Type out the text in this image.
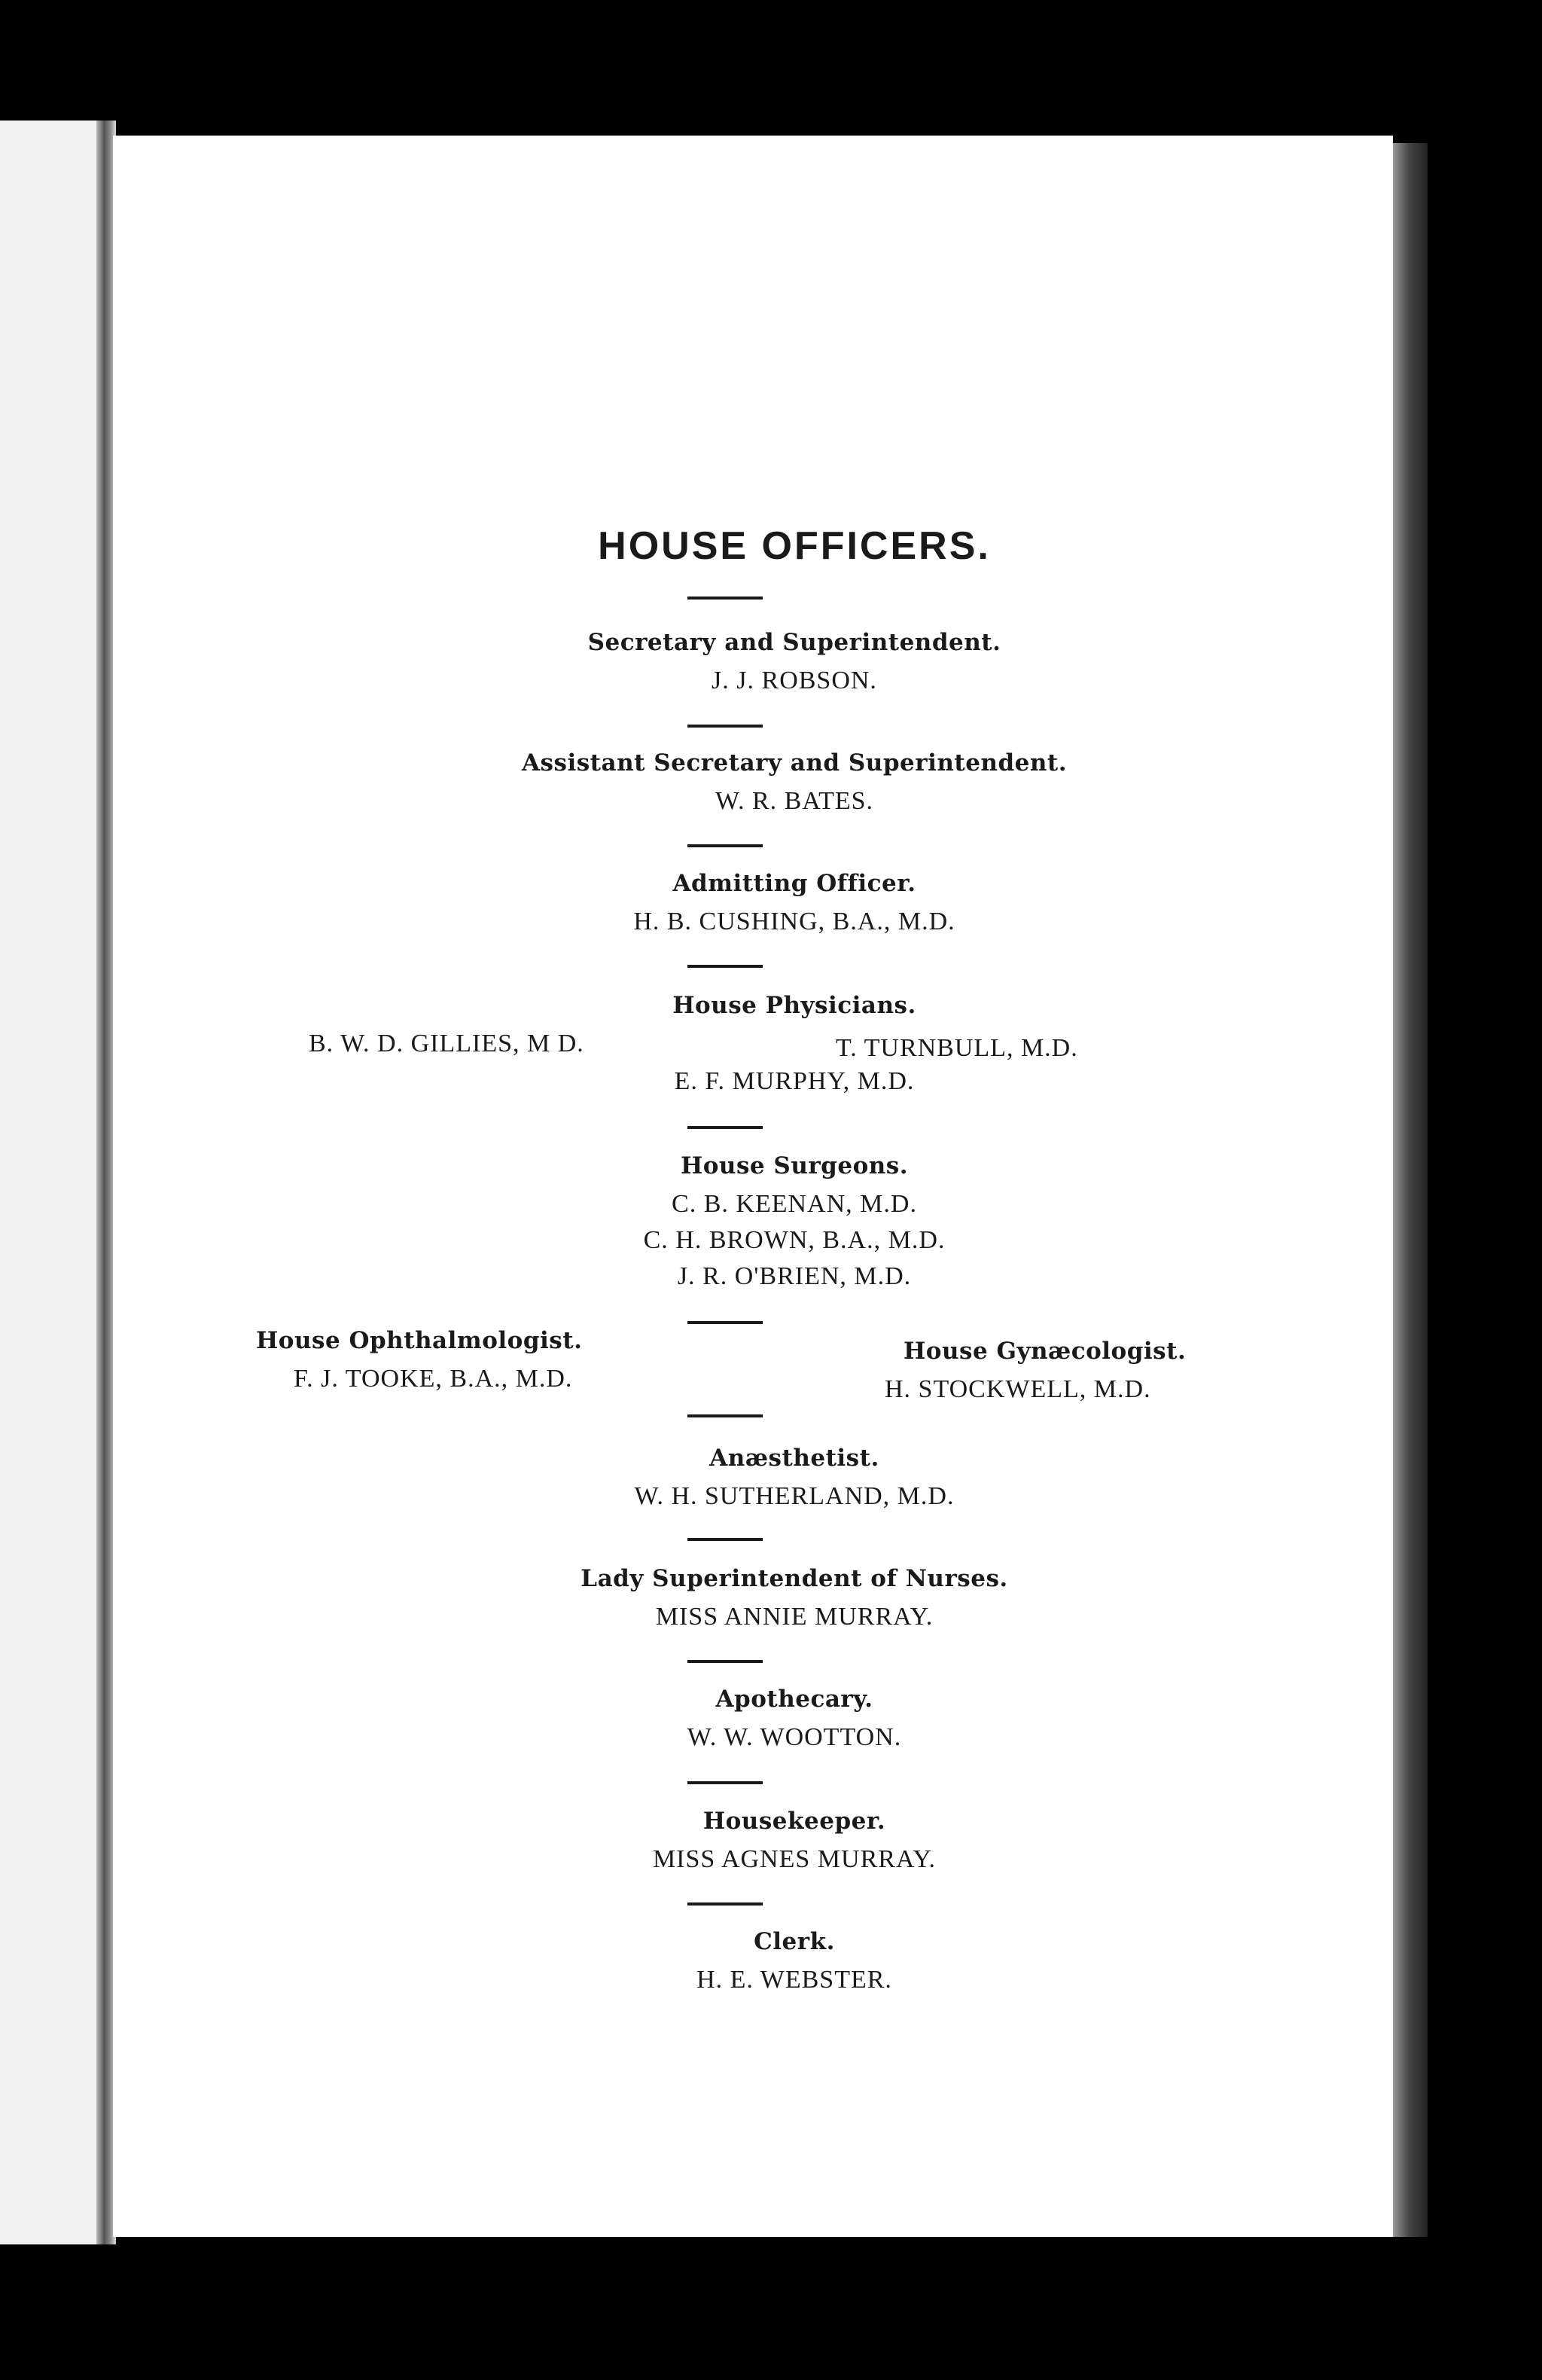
HOUSE OFFICERS.
Secretary and Superintendent.
J. J. ROBSON.
Assistant Secretary and Superintendent.
W. R. BATES.
Admitting Officer.
H. B. CUSHING, B.A., M.D.
House Physicians.
B. W. D. GILLIES, M D.	T. TURNBULL, M.D.
E. F. MURPHY, M.D.
House Surgeons.
C. B. KEENAN, M.D.
C. H. BROWN, B.A., M.D.
J. R. O'BRIEN, M.D.
House Ophthalmologist.
F. J. TOOKE, B.A., M.D.
House Gynæcologist.
H. STOCKWELL, M.D.
Anæsthetist.
W. H. SUTHERLAND, M.D.
Lady Superintendent of Nurses.
MISS ANNIE MURRAY.
Apothecary.
W. W. WOOTTON.
Housekeeper.
MISS AGNES MURRAY.
Clerk.
H. E. WEBSTER.
